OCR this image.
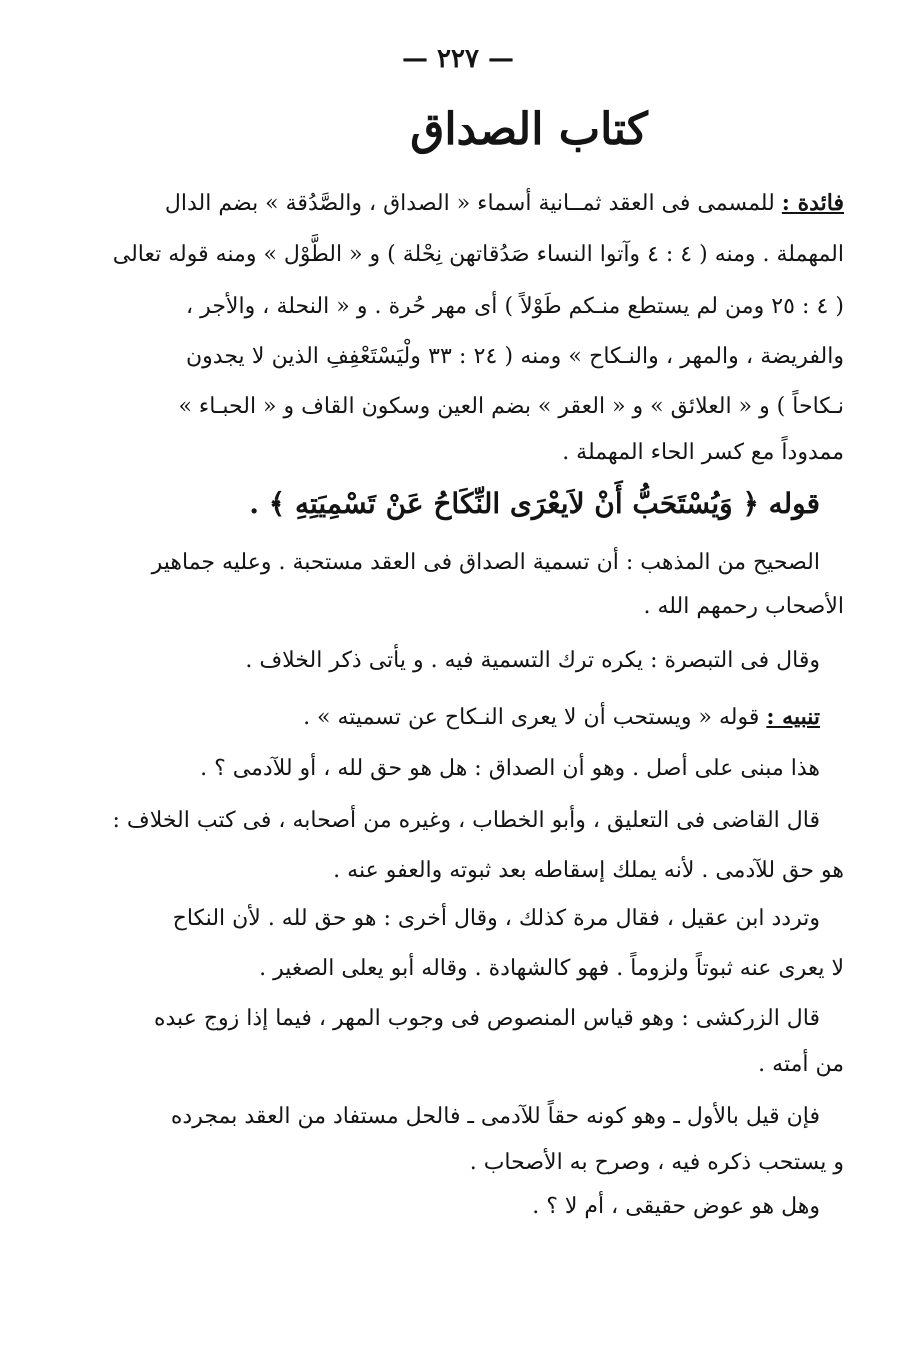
— ٢٢٧ —
كتاب الصداق
فائدة : للمسمى فى العقد ثمــانية أسماء « الصداق ، والصَّدُقة » بضم الدال
المهملة . ومنه ( ٤ : ٤ وآتوا النساء صَدُقاتهن نِحْلة ) و « الطَّوْل » ومنه قوله تعالى
( ٤ : ٢٥ ومن لم يستطع منـكم طَوْلاً ) أى مهر حُرة . و « النحلة ، والأجر ،
والفريضة ، والمهر ، والنـكاح » ومنه ( ٢٤ : ٣٣ ولْيَسْتَعْفِفِ الذين لا يجدون
نـكاحاً ) و « العلائق » و « العقر » بضم العين وسكون القاف و « الحبـاء »
ممدوداً مع كسر الحاء المهملة .
قوله ﴿ وَيُسْتَحَبُّ أَنْ لاَيعْرَى النِّكَاحُ عَنْ تَسْمِيَتِهِ ﴾ .
الصحيح من المذهب : أن تسمية الصداق فى العقد مستحبة . وعليه جماهير
الأصحاب رحمهم الله .
وقال فى التبصرة : يكره ترك التسمية فيه . و يأتى ذكر الخلاف .
تنبيه : قوله « ويستحب أن لا يعرى النـكاح عن تسميته » .
هذا مبنى على أصل . وهو أن الصداق : هل هو حق لله ، أو للآدمى ؟ .
قال القاضى فى التعليق ، وأبو الخطاب ، وغيره من أصحابه ، فى كتب الخلاف :
هو حق للآدمى . لأنه يملك إسقاطه بعد ثبوته والعفو عنه .
وتردد ابن عقيل ، فقال مرة كذلك ، وقال أخرى : هو حق لله . لأن النكاح
لا يعرى عنه ثبوتاً ولزوماً . فهو كالشهادة . وقاله أبو يعلى الصغير .
قال الزركشى : وهو قياس المنصوص فى وجوب المهر ، فيما إذا زوج عبده
من أمته .
فإن قيل بالأول ـ وهو كونه حقاً للآدمى ـ فالحل مستفاد من العقد بمجرده
و يستحب ذكره فيه ، وصرح به الأصحاب .
وهل هو عوض حقيقى ، أم لا ؟ .
